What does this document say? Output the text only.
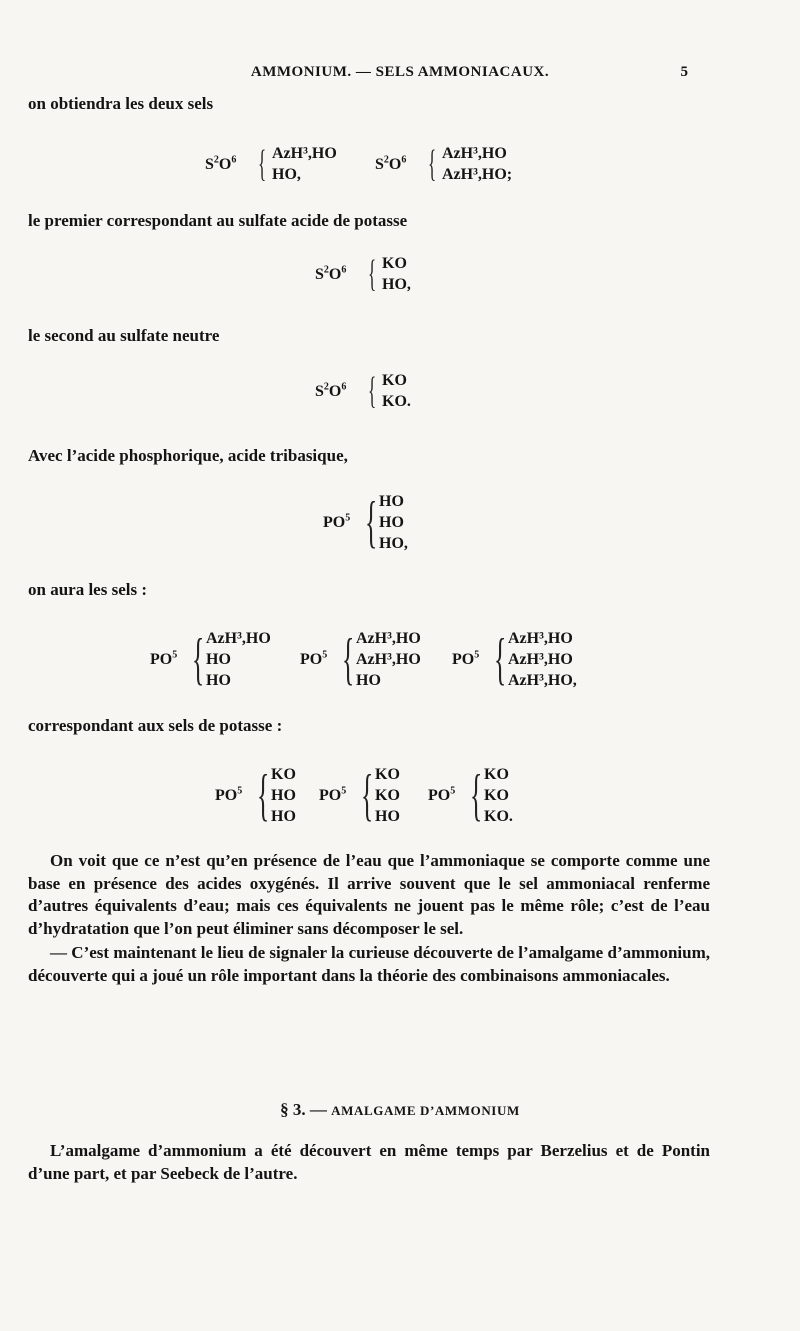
AMMONIUM. — SELS AMMONIACAUX.	5
on obtiendra les deux sels
$S^2O^6$ { AzH³,HO
HO,
$S^2O^6$ { AzH³,HO
AzH³,HO;
le premier correspondant au sulfate acide de potasse
$S^2O^6$ { KO
HO,
le second au sulfate neutre
$S^2O^6$ { KO
KO.
Avec l’acide phosphorique, acide tribasique,
$PO^5$ { HO
HO
HO,
on aura les sels :
$PO^5$ { AzH³,HO
HO
HO
$PO^5$ { AzH³,HO
AzH³,HO
HO
$PO^5$ { AzH³,HO
AzH³,HO
AzH³,HO,
correspondant aux sels de potasse :
$PO^5$ { KO
HO
HO
$PO^5$ { KO
KO
HO
$PO^5$ { KO
KO
KO.

On voit que ce n’est qu’en présence de l’eau que l’ammoniaque se comporte comme une base en présence des acides oxygénés. Il arrive souvent que le sel ammoniacal renferme d’autres équivalents d’eau; mais ces équivalents ne jouent pas le même rôle; c’est de l’eau d’hydratation que l’on peut éliminer sans décomposer le sel.

— C’est maintenant le lieu de signaler la curieuse découverte de l’amalgame d’ammonium, découverte qui a joué un rôle important dans la théorie des combinaisons ammoniacales.

§ 3. — AMALGAME D’AMMONIUM

L’amalgame d’ammonium a été découvert en même temps par Berzelius et de Pontin d’une part, et par Seebeck de l’autre.
